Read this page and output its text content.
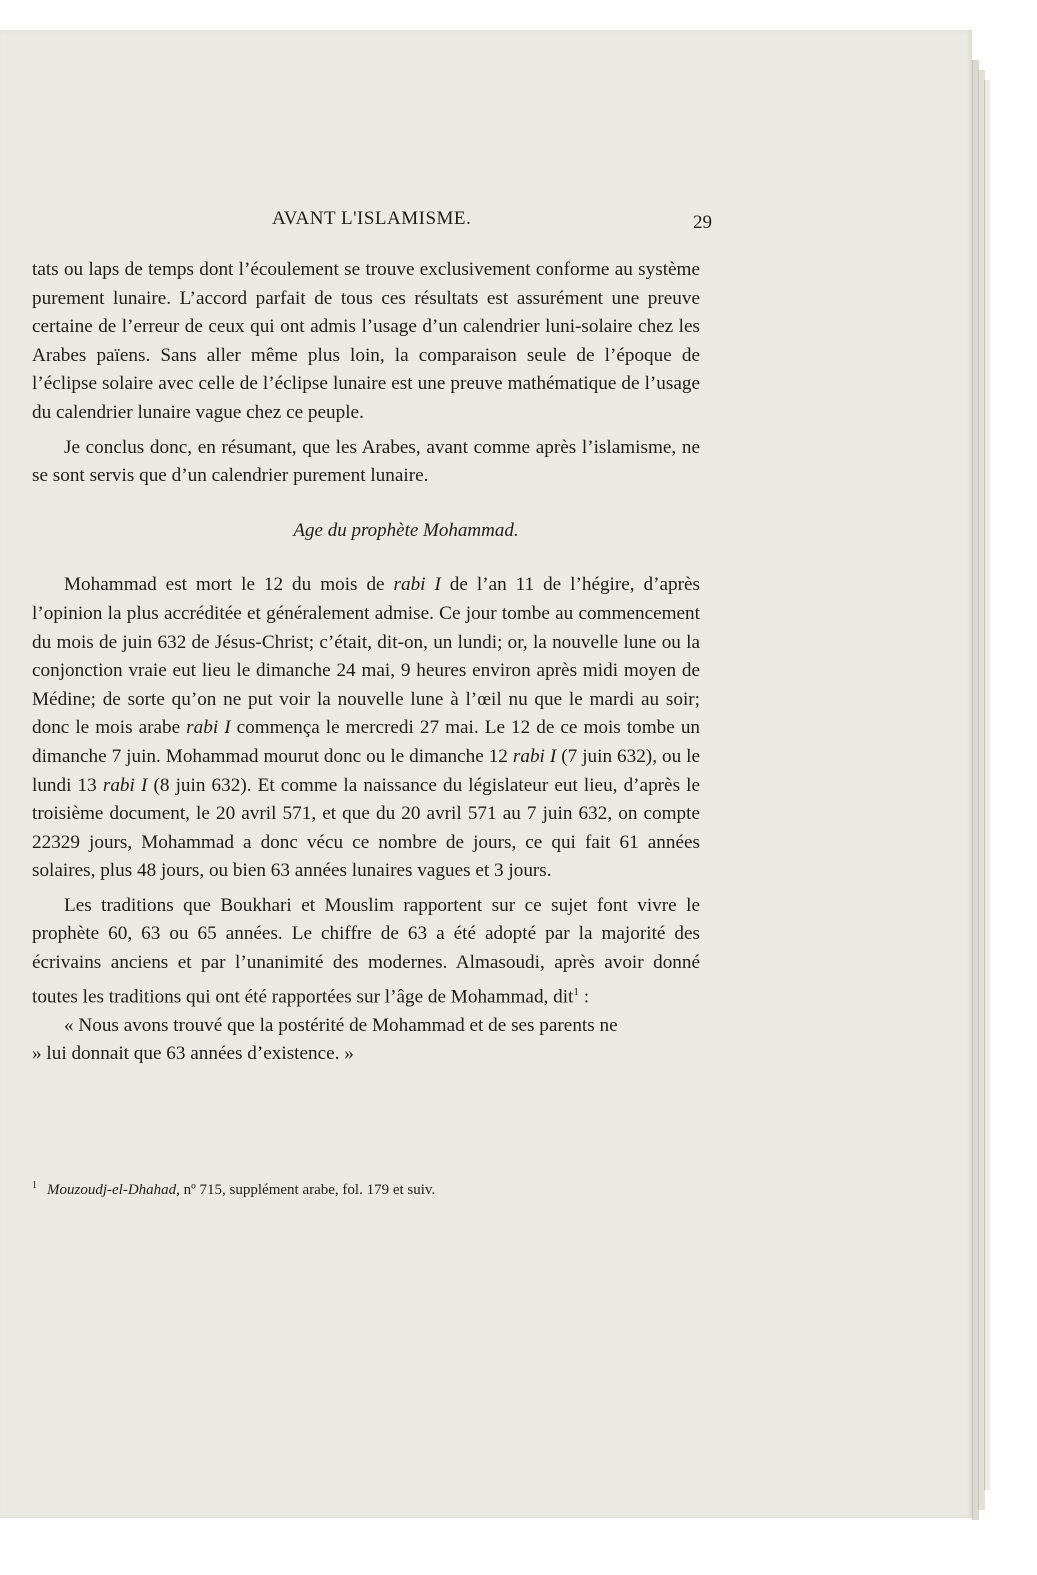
AVANT L'ISLAMISME.	29

tats ou laps de temps dont l’écoulement se trouve exclusivement conforme au système purement lunaire. L’accord parfait de tous ces résultats est assurément une preuve certaine de l’erreur de ceux qui ont admis l’usage d’un calendrier luni-solaire chez les Arabes païens. Sans aller même plus loin, la comparaison seule de l’époque de l’éclipse solaire avec celle de l’éclipse lunaire est une preuve mathématique de l’usage du calendrier lunaire vague chez ce peuple.

Je conclus donc, en résumant, que les Arabes, avant comme après l’islamisme, ne se sont servis que d’un calendrier purement lunaire.

Age du prophète Mohammad.

Mohammad est mort le 12 du mois de rabi I de l’an 11 de l’hégire, d’après l’opinion la plus accréditée et généralement admise. Ce jour tombe au commencement du mois de juin 632 de Jésus-Christ; c’était, dit-on, un lundi; or, la nouvelle lune ou la conjonction vraie eut lieu le dimanche 24 mai, 9 heures environ après midi moyen de Médine; de sorte qu’on ne put voir la nouvelle lune à l’œil nu que le mardi au soir; donc le mois arabe rabi I commença le mercredi 27 mai. Le 12 de ce mois tombe un dimanche 7 juin. Mohammad mourut donc ou le dimanche 12 rabi I (7 juin 632), ou le lundi 13 rabi I (8 juin 632). Et comme la naissance du législateur eut lieu, d’après le troisième document, le 20 avril 571, et que du 20 avril 571 au 7 juin 632, on compte 22329 jours, Mohammad a donc vécu ce nombre de jours, ce qui fait 61 années solaires, plus 48 jours, ou bien 63 années lunaires vagues et 3 jours.

Les traditions que Boukhari et Mouslim rapportent sur ce sujet font vivre le prophète 60, 63 ou 65 années. Le chiffre de 63 a été adopté par la majorité des écrivains anciens et par l’unanimité des modernes. Almasoudi, après avoir donné toutes les traditions qui ont été rapportées sur l’âge de Mohammad, dit$^1$ :

« Nous avons trouvé que la postérité de Mohammad et de ses parents ne

» lui donnait que 63 années d’existence. »

$^1$ Mouzoudj-el-Dhahad, nº 715, supplément arabe, fol. 179 et suiv.
